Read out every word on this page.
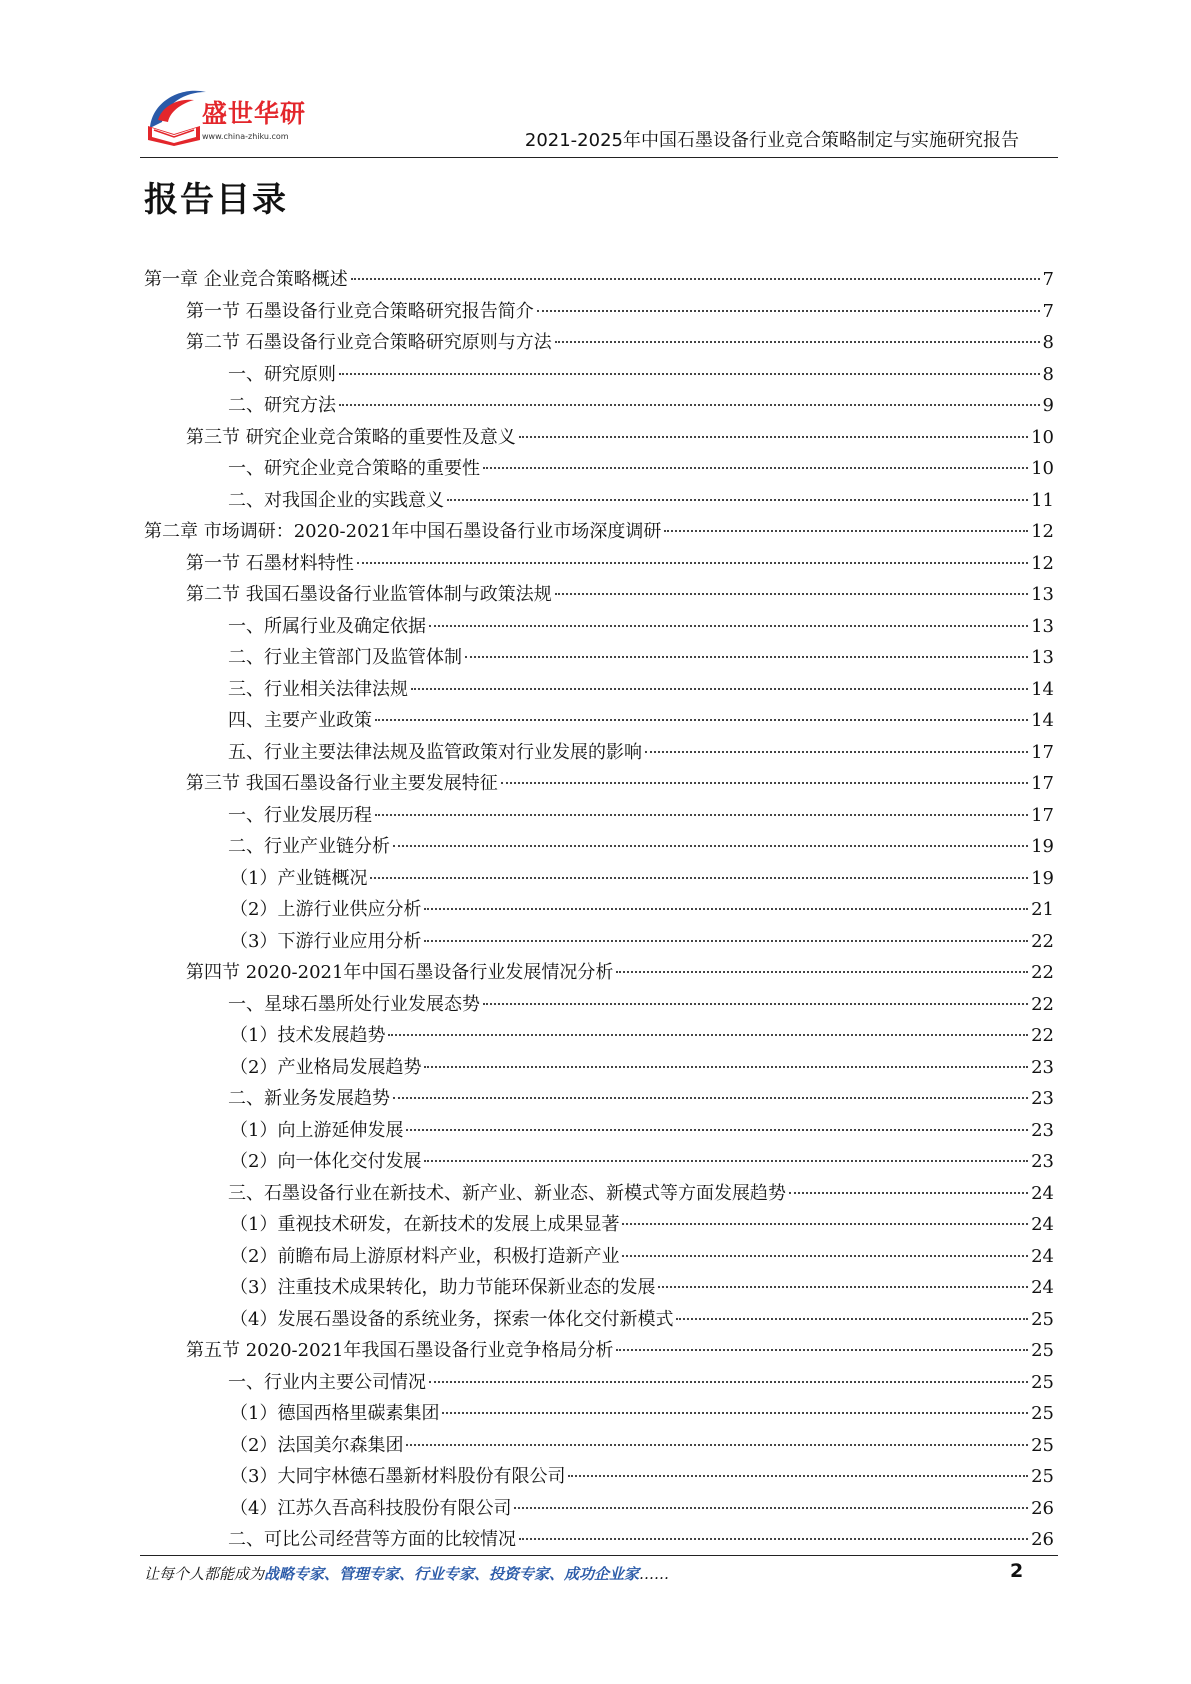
盛世华研
www.china-zhiku.com	2021-2025年中国石墨设备行业竞合策略制定与实施研究报告
报告目录
第一章 企业竞合策略概述	7
第一节 石墨设备行业竞合策略研究报告简介	7
第二节 石墨设备行业竞合策略研究原则与方法	8
一、研究原则	8
二、研究方法	9
第三节 研究企业竞合策略的重要性及意义	10
一、研究企业竞合策略的重要性	10
二、对我国企业的实践意义	11
第二章 市场调研：2020-2021年中国石墨设备行业市场深度调研	12
第一节 石墨材料特性	12
第二节 我国石墨设备行业监管体制与政策法规	13
一、所属行业及确定依据	13
二、行业主管部门及监管体制	13
三、行业相关法律法规	14
四、主要产业政策	14
五、行业主要法律法规及监管政策对行业发展的影响	17
第三节 我国石墨设备行业主要发展特征	17
一、行业发展历程	17
二、行业产业链分析	19
（1）产业链概况	19
（2）上游行业供应分析	21
（3）下游行业应用分析	22
第四节 2020-2021年中国石墨设备行业发展情况分析	22
一、星球石墨所处行业发展态势	22
（1）技术发展趋势	22
（2）产业格局发展趋势	23
二、新业务发展趋势	23
（1）向上游延伸发展	23
（2）向一体化交付发展	23
三、石墨设备行业在新技术、新产业、新业态、新模式等方面发展趋势	24
（1）重视技术研发，在新技术的发展上成果显著	24
（2）前瞻布局上游原材料产业，积极打造新产业	24
（3）注重技术成果转化，助力节能环保新业态的发展	24
（4）发展石墨设备的系统业务，探索一体化交付新模式	25
第五节 2020-2021年我国石墨设备行业竞争格局分析	25
一、行业内主要公司情况	25
（1）德国西格里碳素集团	25
（2）法国美尔森集团	25
（3）大同宇林德石墨新材料股份有限公司	25
（4）江苏久吾高科技股份有限公司	26
二、可比公司经营等方面的比较情况	26
让每个人都能成为战略专家、管理专家、行业专家、投资专家、成功企业家……	2
